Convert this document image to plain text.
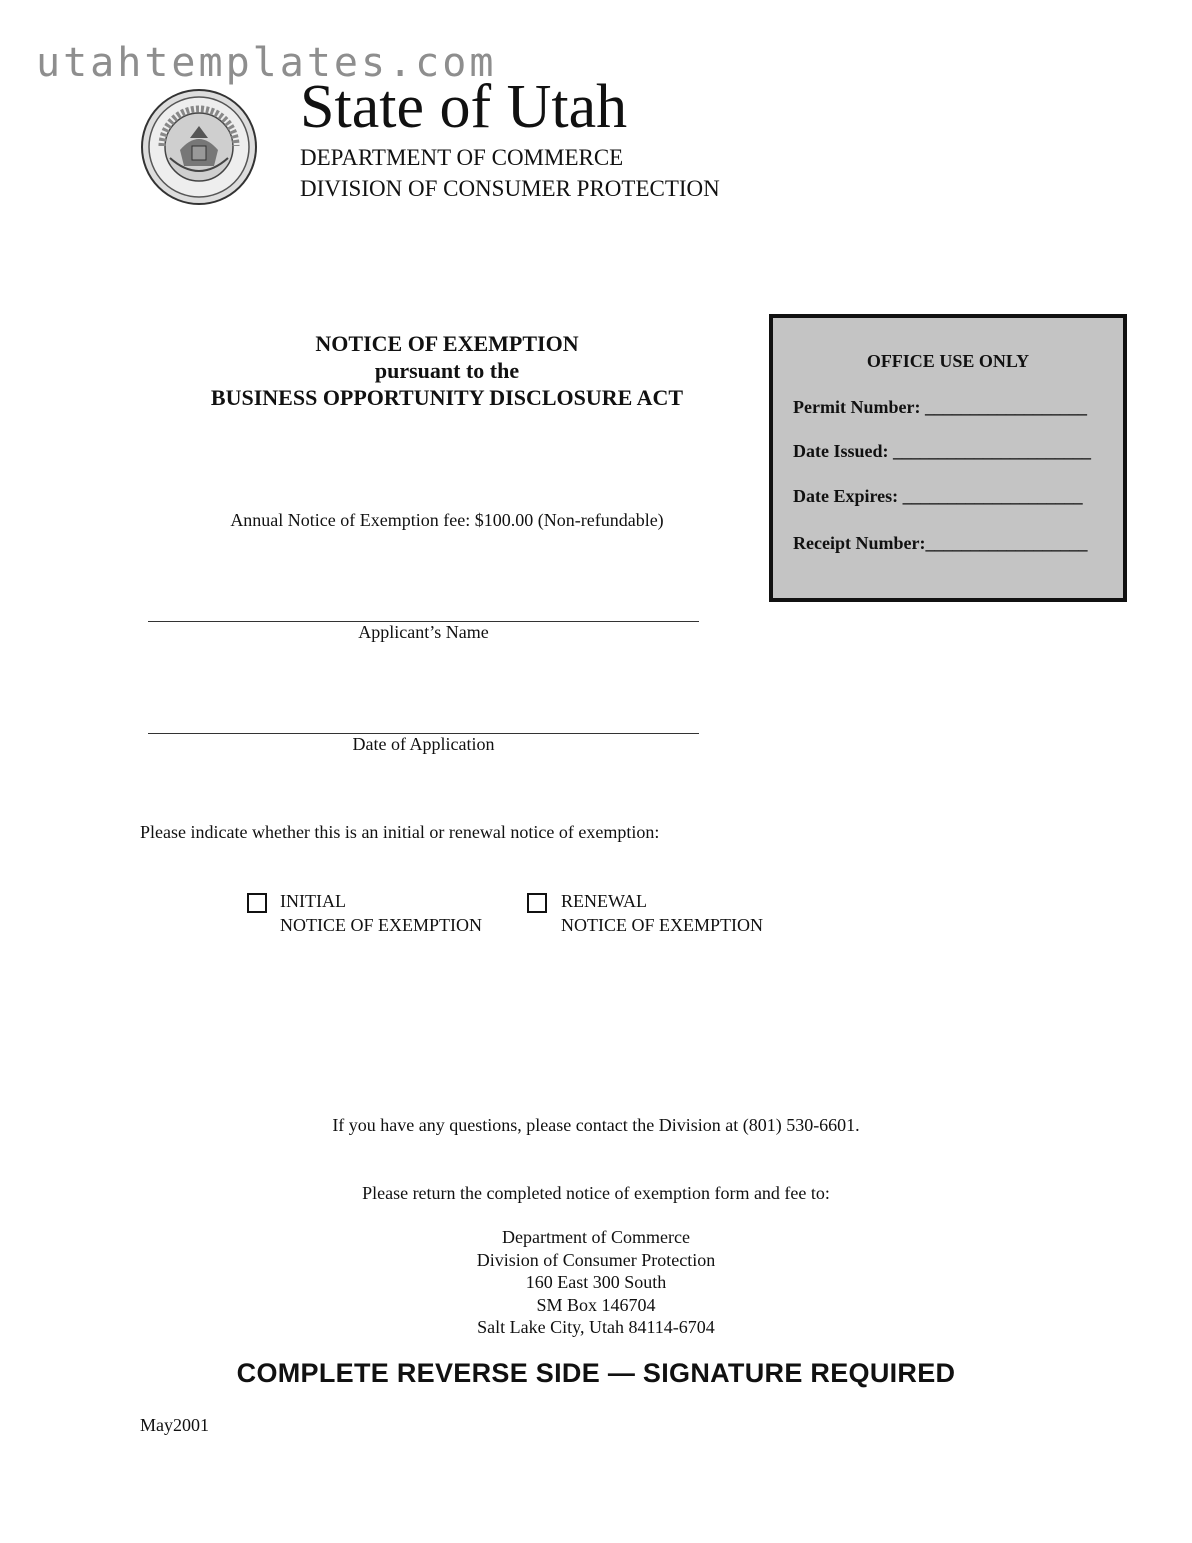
utahtemplates.com
State of Utah
DEPARTMENT OF COMMERCE
DIVISION OF CONSUMER PROTECTION
NOTICE OF EXEMPTION
pursuant to the
BUSINESS OPPORTUNITY DISCLOSURE ACT
OFFICE USE ONLY
Permit Number: __________________
Date Issued: ______________________
Date Expires: ____________________
Receipt Number:__________________
Annual Notice of Exemption fee: $100.00 (Non-refundable)
Applicant’s Name
Date of Application
Please indicate whether this is an initial or renewal notice of exemption:
INITIAL
NOTICE OF EXEMPTION
RENEWAL
NOTICE OF EXEMPTION
If you have any questions, please contact the Division at (801) 530-6601.
Please return the completed notice of exemption form and fee to:
Department of Commerce
Division of Consumer Protection
160 East 300 South
SM Box 146704
Salt Lake City, Utah 84114-6704
COMPLETE REVERSE SIDE — SIGNATURE REQUIRED
May2001
